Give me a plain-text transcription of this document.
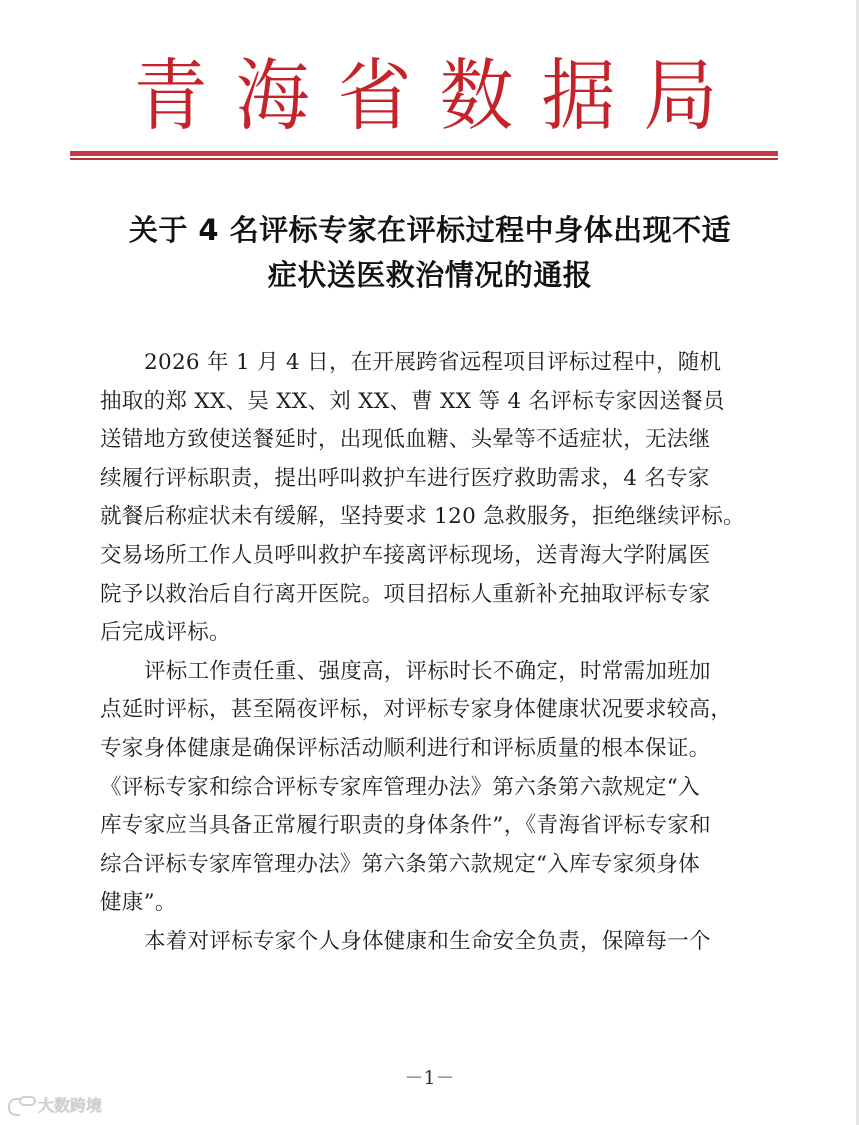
青海省数据局
关于 4 名评标专家在评标过程中身体出现不适
症状送医救治情况的通报
2026 年 1 月 4 日，在开展跨省远程项目评标过程中，随机
抽取的郑 XX、吴 XX、刘 XX、曹 XX 等 4 名评标专家因送餐员
送错地方致使送餐延时，出现低血糖、头晕等不适症状，无法继
续履行评标职责，提出呼叫救护车进行医疗救助需求，4 名专家
就餐后称症状未有缓解，坚持要求 120 急救服务，拒绝继续评标。
交易场所工作人员呼叫救护车接离评标现场，送青海大学附属医
院予以救治后自行离开医院。项目招标人重新补充抽取评标专家
后完成评标。
评标工作责任重、强度高，评标时长不确定，时常需加班加
点延时评标，甚至隔夜评标，对评标专家身体健康状况要求较高，
专家身体健康是确保评标活动顺利进行和评标质量的根本保证。
《评标专家和综合评标专家库管理办法》第六条第六款规定“入
库专家应当具备正常履行职责的身体条件”，《青海省评标专家和
综合评标专家库管理办法》第六条第六款规定“入库专家须身体
健康”。
本着对评标专家个人身体健康和生命安全负责，保障每一个
－1－
大数跨境
